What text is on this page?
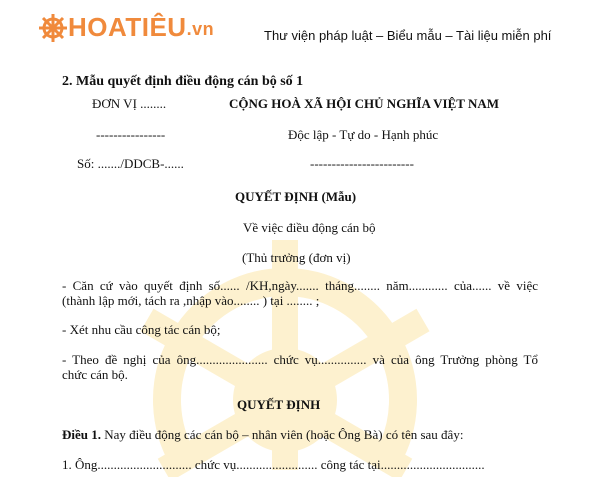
HOATIÊU .vn	Thư viện pháp luật – Biểu mẫu – Tài liệu miễn phí
2. Mẫu quyết định điều động cán bộ số 1
ĐƠN VỊ ........	CỘNG HOÀ XÃ HỘI CHỦ NGHĨA VIỆT NAM
----------------	Độc lập - Tự do - Hạnh phúc
Số: ......./DDCB-......	------------------------
QUYẾT ĐỊNH (Mẫu)
Về việc điều động cán bộ
(Thủ trưởng (đơn vị)
- Căn cứ vào quyết định số...... /KH,ngày....... tháng........ năm............ của...... về việc
(thành lập mới, tách ra ,nhập vào........ ) tại ........ ;
- Xét nhu cầu công tác cán bộ;
- Theo đề nghị của ông...................... chức vụ............... và của ông Trưởng phòng Tổ
chức cán bộ.
QUYẾT ĐỊNH
Điều 1. Nay điều động các cán bộ – nhân viên (hoặc Ông Bà) có tên sau đây:
1. Ông............................. chức vụ......................... công tác tại................................
